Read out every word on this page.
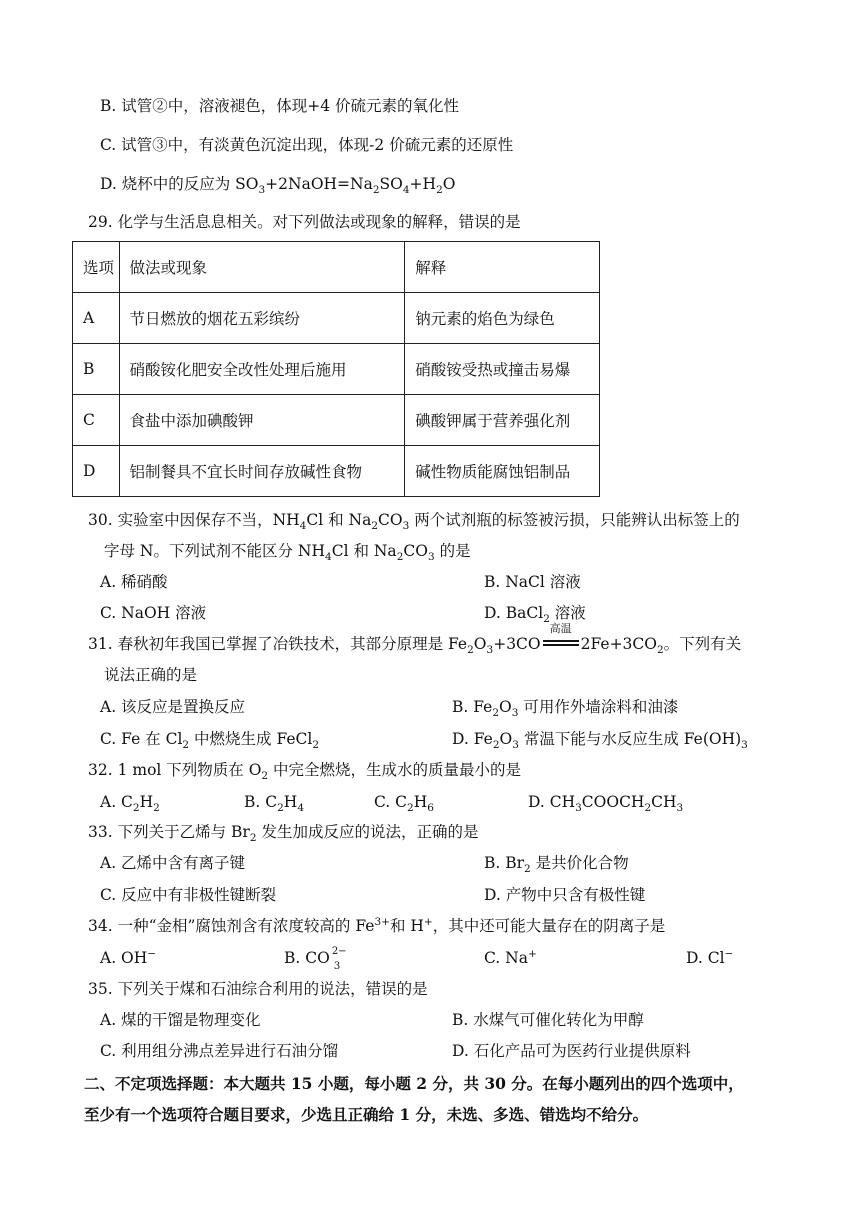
B. 试管②中，溶液褪色，体现+4 价硫元素的氧化性
C. 试管③中，有淡黄色沉淀出现，体现-2 价硫元素的还原性
D. 烧杯中的反应为 $SO_3+2NaOH=Na_2SO_4+H_2O$
29. 化学与生活息息相关。对下列做法或现象的解释，错误的是
选项	做法或现象	解释
A	节日燃放的烟花五彩缤纷	钠元素的焰色为绿色
B	硝酸铵化肥安全改性处理后施用	硝酸铵受热或撞击易爆
C	食盐中添加碘酸钾	碘酸钾属于营养强化剂
D	铝制餐具不宜长时间存放碱性食物	碱性物质能腐蚀铝制品
30. 实验室中因保存不当，$NH_4Cl$ 和 $Na_2CO_3$ 两个试剂瓶的标签被污损，只能辨认出标签上的
字母 N。下列试剂不能区分 $NH_4Cl$ 和 $Na_2CO_3$ 的是
A. 稀硝酸	B. NaCl 溶液
C. NaOH 溶液	D. BaCl$_2$ 溶液
31. 春秋初年我国已掌握了冶铁技术，其部分原理是 $Fe_2O_3+3CO$
高温
$2Fe+3CO_2$。下列有关
说法正确的是
A. 该反应是置换反应	B. $Fe_2O_3$ 可用作外墙涂料和油漆
C. Fe 在 $Cl_2$ 中燃烧生成 FeCl$_2$	D. $Fe_2O_3$ 常温下能与水反应生成 $Fe(OH)_3$
32. 1 mol 下列物质在 $O_2$ 中完全燃烧，生成水的质量最小的是
A. $C_2H_2$	B. $C_2H_4$	C. $C_2H_6$	D. $CH_3COOCH_2CH_3$
33. 下列关于乙烯与 $Br_2$ 发生加成反应的说法，正确的是
A. 乙烯中含有离子键	B. $Br_2$ 是共价化合物
C. 反应中有非极性键断裂	D. 产物中只含有极性键
34. 一种“金相”腐蚀剂含有浓度较高的 $Fe^{3+}$和 H+，其中还可能大量存在的阴离子是
A. OH−	B. CO 2−
3	C. Na+	D. Cl−
35. 下列关于煤和石油综合利用的说法，错误的是
A. 煤的干馏是物理变化	B. 水煤气可催化转化为甲醇
C. 利用组分沸点差异进行石油分馏	D. 石化产品可为医药行业提供原料
二、不定项选择题：本大题共 15 小题，每小题 2 分，共 30 分。在每小题列出的四个选项中，
至少有一个选项符合题目要求，少选且正确给 1 分，未选、多选、错选均不给分。
